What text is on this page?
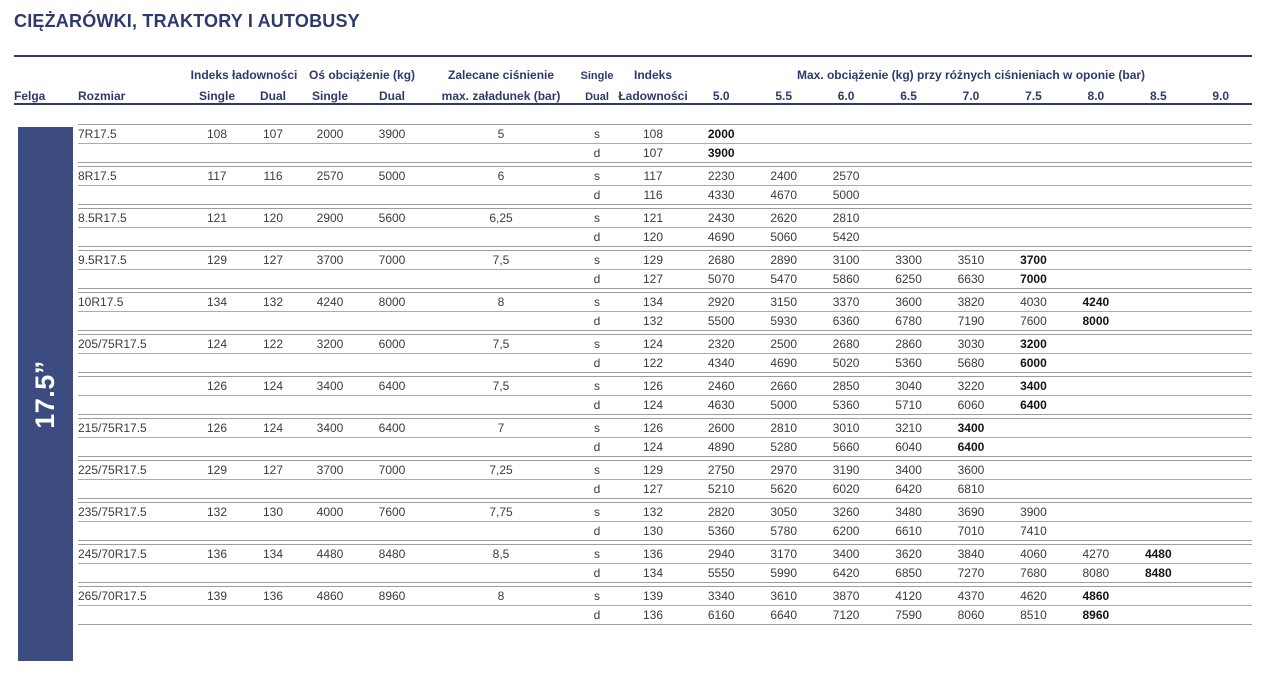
CIĘŻARÓWKI, TRAKTORY I AUTOBUSY
17.5”
		Indeks ładowności		Oś obciążenie (kg)		Zalecane ciśnienie	Single	Indeks	Max. obciążenie (kg) przy różnych ciśnieniach w oponie (bar)								
Felga	Rozmiar	Single	Dual	Single	Dual	max. załadunek (bar)	Dual	Ładowności	5.0	5.5	6.0	6.5	7.0	7.5	8.0	8.5	9.0

	7R17.5	108	107	2000	3900	5	s	108	2000								
							d	107	3900								

	8R17.5	117	116	2570	5000	6	s	117	2230	2400	2570						
							d	116	4330	4670	5000						

	8.5R17.5	121	120	2900	5600	6,25	s	121	2430	2620	2810						
							d	120	4690	5060	5420						

	9.5R17.5	129	127	3700	7000	7,5	s	129	2680	2890	3100	3300	3510	3700			
							d	127	5070	5470	5860	6250	6630	7000			

	10R17.5	134	132	4240	8000	8	s	134	2920	3150	3370	3600	3820	4030	4240		
							d	132	5500	5930	6360	6780	7190	7600	8000		

	205/75R17.5	124	122	3200	6000	7,5	s	124	2320	2500	2680	2860	3030	3200			
							d	122	4340	4690	5020	5360	5680	6000			

		126	124	3400	6400	7,5	s	126	2460	2660	2850	3040	3220	3400			
							d	124	4630	5000	5360	5710	6060	6400			

	215/75R17.5	126	124	3400	6400	7	s	126	2600	2810	3010	3210	3400				
							d	124	4890	5280	5660	6040	6400				

	225/75R17.5	129	127	3700	7000	7,25	s	129	2750	2970	3190	3400	3600				
							d	127	5210	5620	6020	6420	6810				

	235/75R17.5	132	130	4000	7600	7,75	s	132	2820	3050	3260	3480	3690	3900			
							d	130	5360	5780	6200	6610	7010	7410			

	245/70R17.5	136	134	4480	8480	8,5	s	136	2940	3170	3400	3620	3840	4060	4270	4480	
							d	134	5550	5990	6420	6850	7270	7680	8080	8480	

	265/70R17.5	139	136	4860	8960	8	s	139	3340	3610	3870	4120	4370	4620	4860		
							d	136	6160	6640	7120	7590	8060	8510	8960		
